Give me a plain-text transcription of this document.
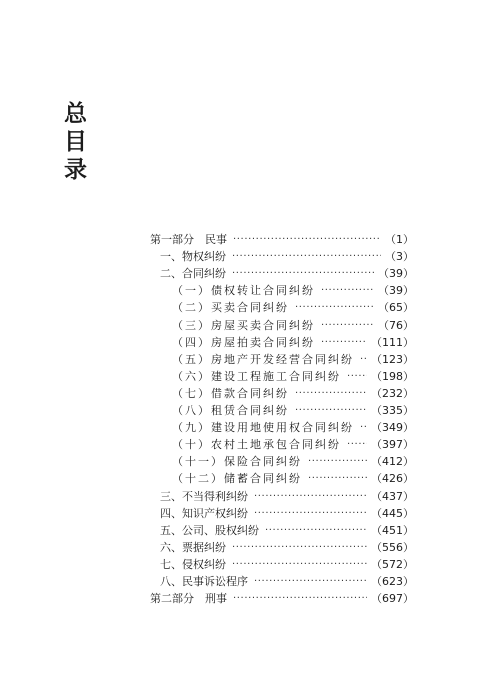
总
目
录
第一部分　民事 ·····	（1）
一、物权纠纷 ·····	（3）
二、合同纠纷 ·····	（39）
（一）债权转让合同纠纷 ·····	（39）
（二）买卖合同纠纷 ·····	（65）
（三）房屋买卖合同纠纷 ·····	（76）
（四）房屋拍卖合同纠纷 ·····	（111）
（五）房地产开发经营合同纠纷 ····· （123）
（六）建设工程施工合同纠纷 ·····	（198）
（七）借款合同纠纷 ·····	（232）
（八）租赁合同纠纷 ·····	（335）
（九）建设用地使用权合同纠纷 ····· （349）
（十）农村土地承包合同纠纷 ·····	（397）
（十一）保险合同纠纷 ·····	（412）
（十二）储蓄合同纠纷 ·····	（426）
三、不当得利纠纷 ·····	（437）
四、知识产权纠纷 ·····	（445）
五、公司、股权纠纷 ·····	（451）
六、票据纠纷 ·····	（556）
七、侵权纠纷 ·····	（572）
八、民事诉讼程序 ·····	（623）
第二部分　刑事 ·····	（697）
